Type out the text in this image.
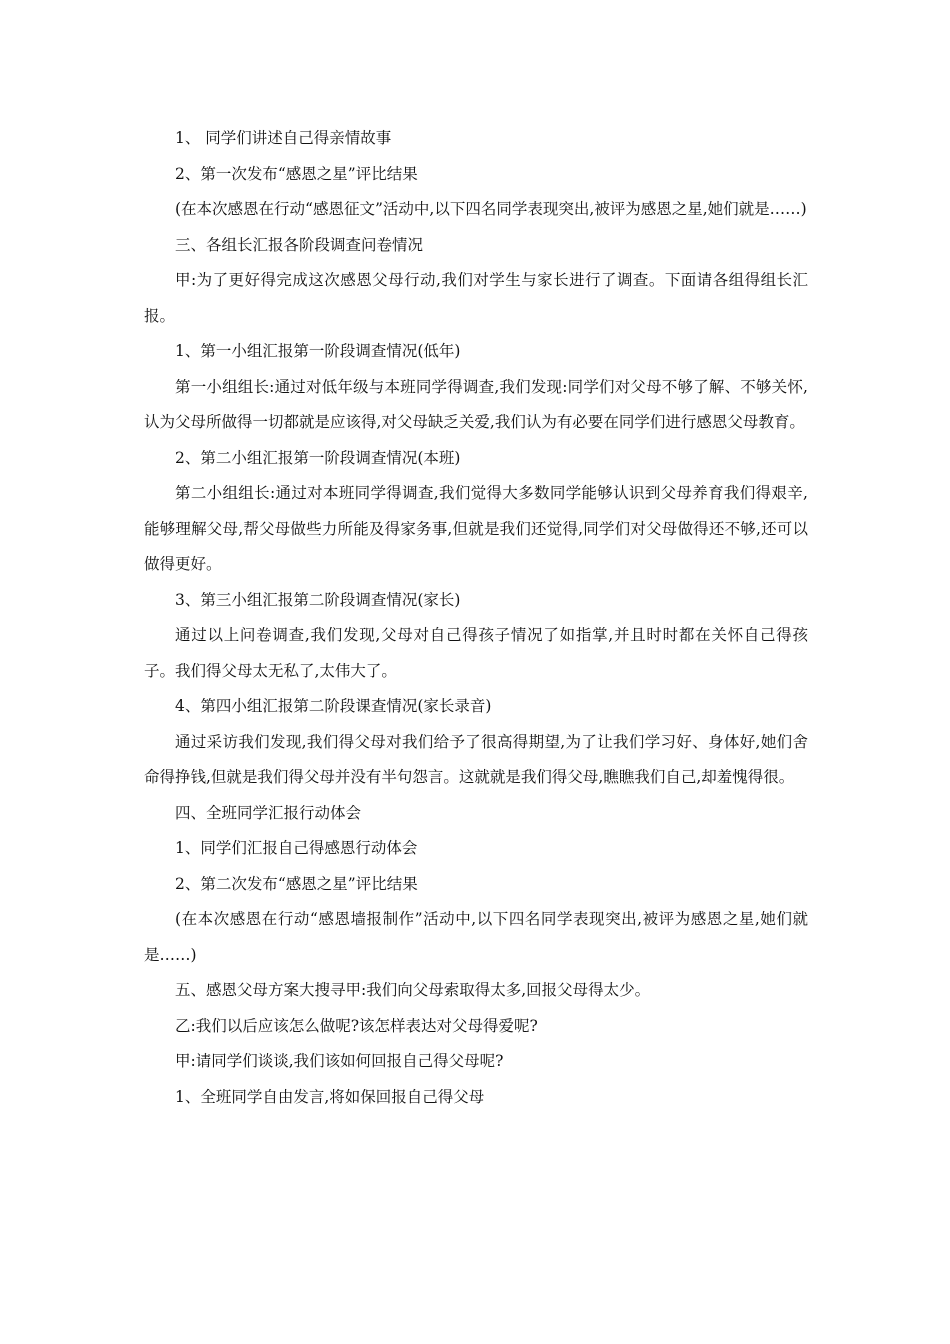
1、 同学们讲述自己得亲情故事

2、第一次发布“感恩之星”评比结果

(在本次感恩在行动“感恩征文”活动中,以下四名同学表现突出,被评为感恩之星,她们就是……)

三、各组长汇报各阶段调查问卷情况

甲:为了更好得完成这次感恩父母行动,我们对学生与家长进行了调查。下面请各组得组长汇报。

1、第一小组汇报第一阶段调查情况(低年)

第一小组组长:通过对低年级与本班同学得调查,我们发现:同学们对父母不够了解、不够关怀,认为父母所做得一切都就是应该得,对父母缺乏关爱,我们认为有必要在同学们进行感恩父母教育。

2、第二小组汇报第一阶段调查情况(本班)

第二小组组长:通过对本班同学得调查,我们觉得大多数同学能够认识到父母养育我们得艰辛,能够理解父母,帮父母做些力所能及得家务事,但就是我们还觉得,同学们对父母做得还不够,还可以做得更好。

3、第三小组汇报第二阶段调查情况(家长)

通过以上问卷调查,我们发现,父母对自己得孩子情况了如指掌,并且时时都在关怀自己得孩子。我们得父母太无私了,太伟大了。

4、第四小组汇报第二阶段课查情况(家长录音)

通过采访我们发现,我们得父母对我们给予了很高得期望,为了让我们学习好、身体好,她们舍命得挣钱,但就是我们得父母并没有半句怨言。这就就是我们得父母,瞧瞧我们自己,却羞愧得很。

四、全班同学汇报行动体会

1、同学们汇报自己得感恩行动体会

2、第二次发布“感恩之星”评比结果

(在本次感恩在行动“感恩墙报制作”活动中,以下四名同学表现突出,被评为感恩之星,她们就是……)

五、感恩父母方案大搜寻甲:我们向父母索取得太多,回报父母得太少。

乙:我们以后应该怎么做呢?该怎样表达对父母得爱呢?

甲:请同学们谈谈,我们该如何回报自己得父母呢?

1、全班同学自由发言,将如保回报自己得父母
